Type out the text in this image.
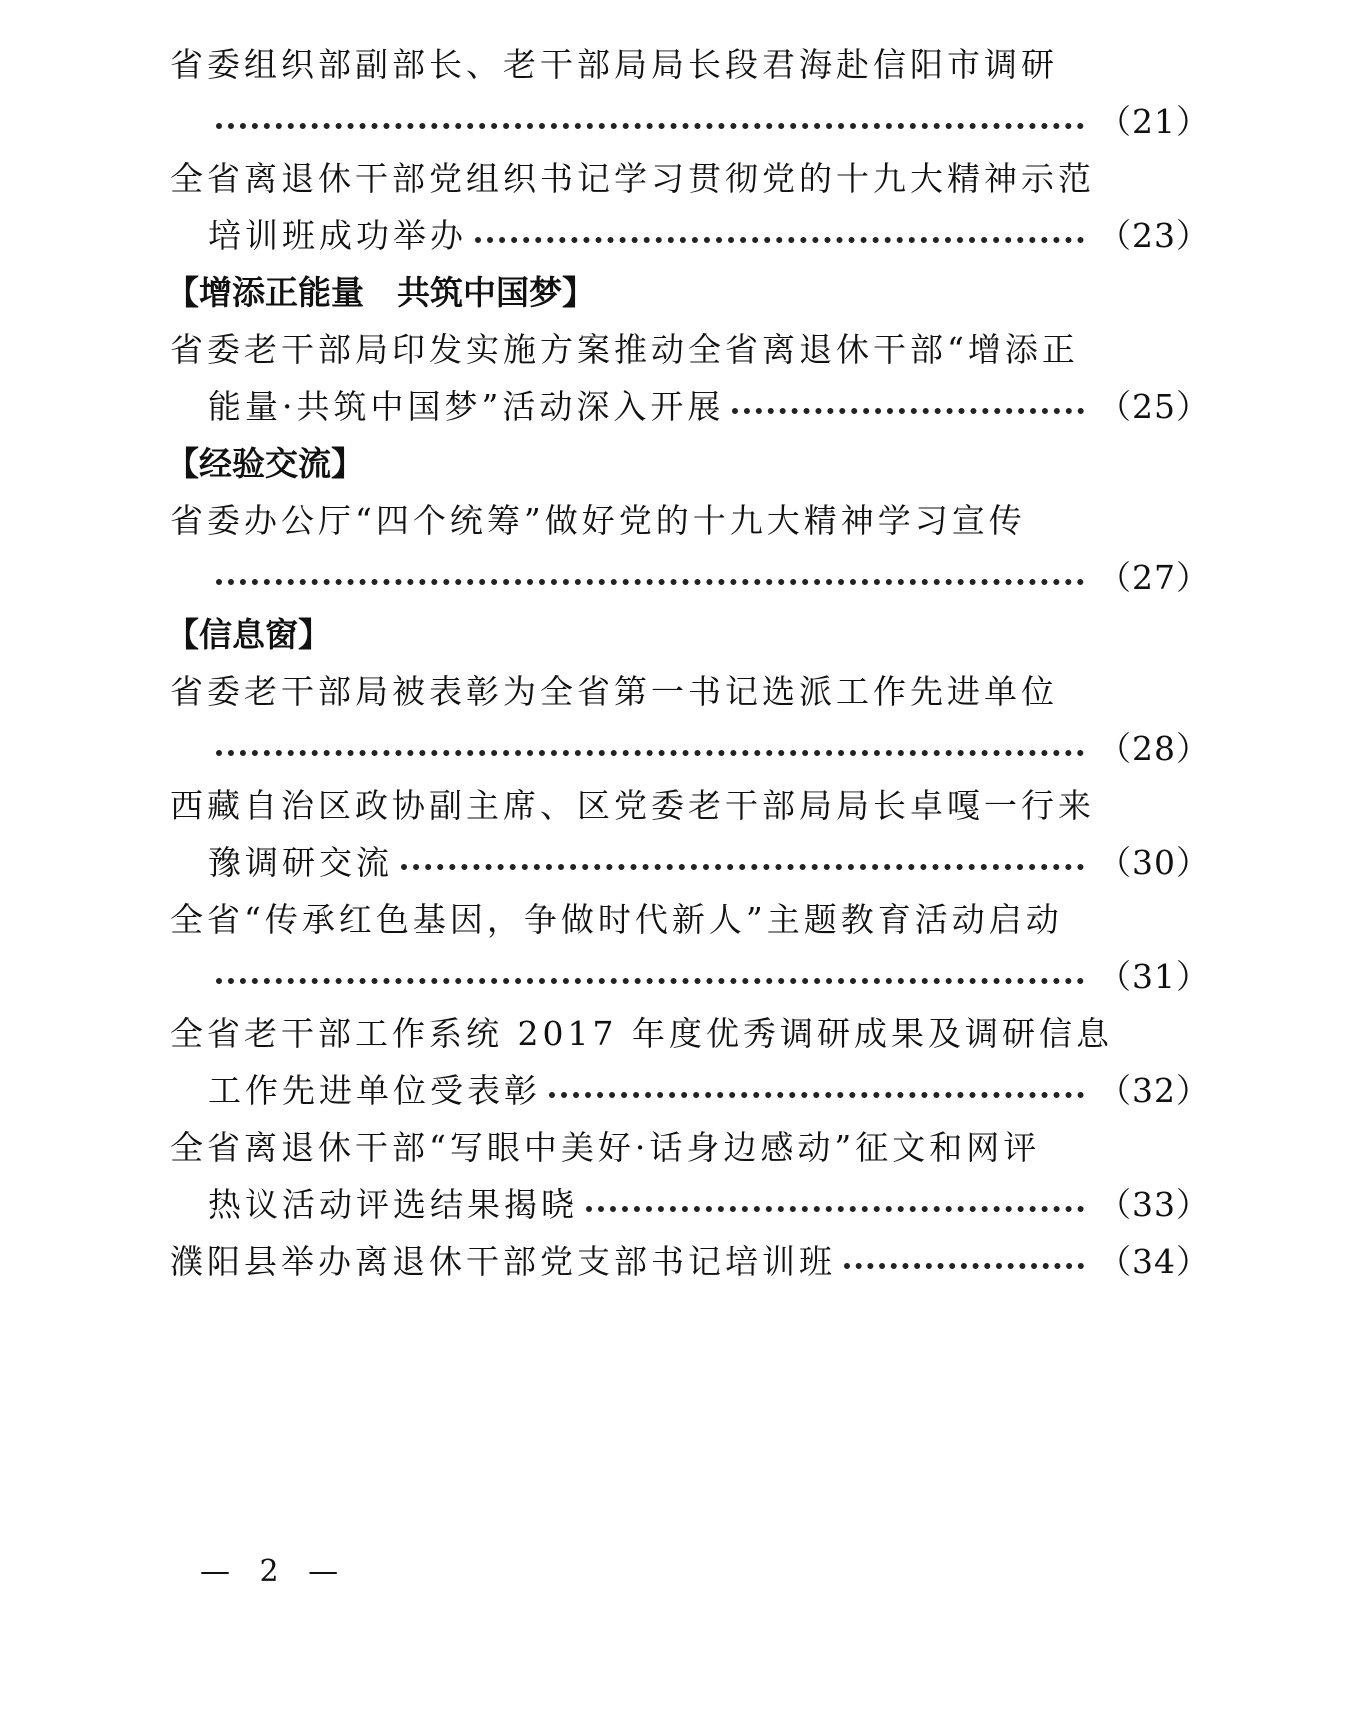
省委组织部副部长、老干部局局长段君海赴信阳市调研
（21）
全省离退休干部党组织书记学习贯彻党的十九大精神示范
培训班成功举办	（23）
【增添正能量　共筑中国梦】
省委老干部局印发实施方案推动全省离退休干部“增添正
能量·共筑中国梦”活动深入开展	（25）
【经验交流】
省委办公厅“四个统筹”做好党的十九大精神学习宣传
（27）
【信息窗】
省委老干部局被表彰为全省第一书记选派工作先进单位
（28）
西藏自治区政协副主席、区党委老干部局局长卓嘎一行来
豫调研交流	（30）
全省“传承红色基因，争做时代新人”主题教育活动启动
（31）
全省老干部工作系统 2017 年度优秀调研成果及调研信息
工作先进单位受表彰	（32）
全省离退休干部“写眼中美好·话身边感动”征文和网评
热议活动评选结果揭晓	（33）
濮阳县举办离退休干部党支部书记培训班	（34）
— 2 —
